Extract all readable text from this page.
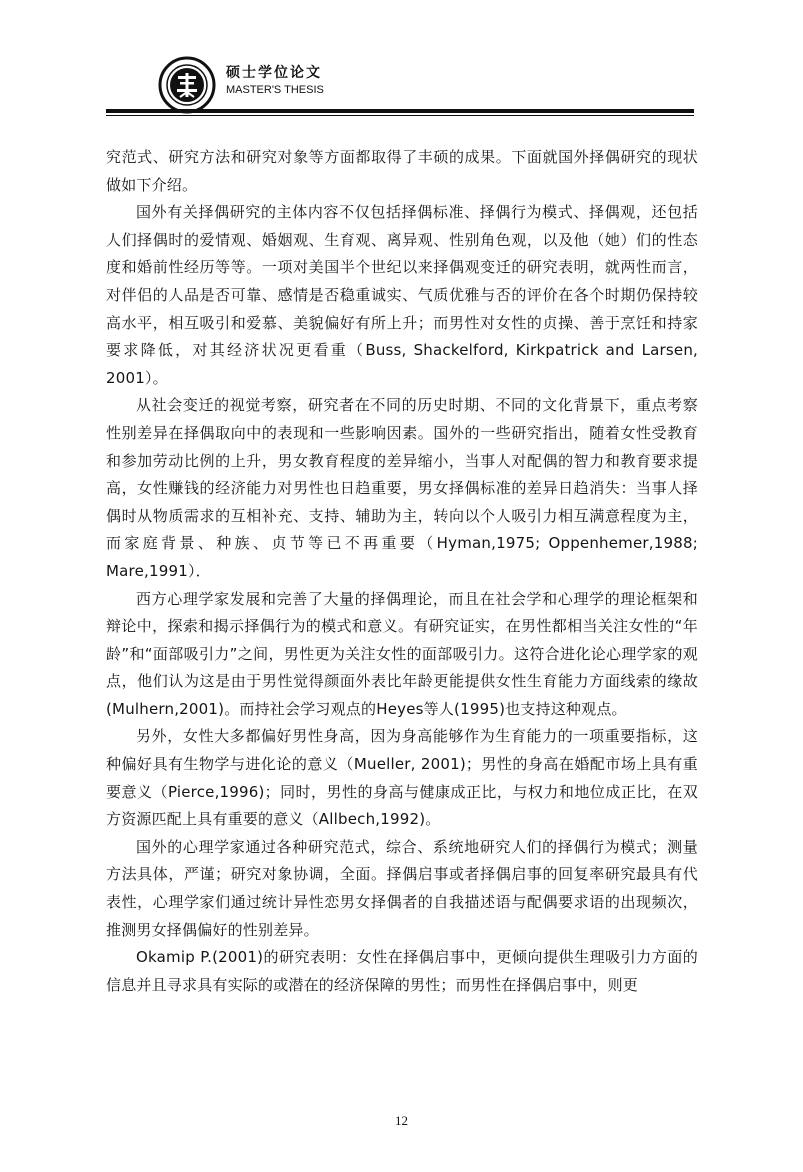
硕士学位论文
MASTER'S THESIS

究范式、研究方法和研究对象等方面都取得了丰硕的成果。下面就国外择偶研究的现状做如下介绍。

国外有关择偶研究的主体内容不仅包括择偶标准、择偶行为模式、择偶观，还包括人们择偶时的爱情观、婚姻观、生育观、离异观、性别角色观，以及他（她）们的性态度和婚前性经历等等。一项对美国半个世纪以来择偶观变迁的研究表明，就两性而言，对伴侣的人品是否可靠、感情是否稳重诚实、气质优雅与否的评价在各个时期仍保持较高水平，相互吸引和爱慕、美貌偏好有所上升；而男性对女性的贞操、善于烹饪和持家要求降低，对其经济状况更看重（Buss, Shackelford, Kirkpatrick and Larsen, 2001）。

从社会变迁的视觉考察，研究者在不同的历史时期、不同的文化背景下，重点考察性别差异在择偶取向中的表现和一些影响因素。国外的一些研究指出，随着女性受教育和参加劳动比例的上升，男女教育程度的差异缩小，当事人对配偶的智力和教育要求提高，女性赚钱的经济能力对男性也日趋重要，男女择偶标准的差异日趋消失：当事人择偶时从物质需求的互相补充、支持、辅助为主，转向以个人吸引力相互满意程度为主，而家庭背景、种族、贞节等已不再重要（Hyman,1975; Oppenhemer,1988; Mare,1991）．

西方心理学家发展和完善了大量的择偶理论，而且在社会学和心理学的理论框架和辩论中，探索和揭示择偶行为的模式和意义。有研究证实，在男性都相当关注女性的“年龄”和“面部吸引力”之间，男性更为关注女性的面部吸引力。这符合进化论心理学家的观点，他们认为这是由于男性觉得颜面外表比年龄更能提供女性生育能力方面线索的缘故(Mulhern,2001)。而持社会学习观点的Heyes等人(1995)也支持这种观点。

另外，女性大多都偏好男性身高，因为身高能够作为生育能力的一项重要指标，这种偏好具有生物学与进化论的意义（Mueller, 2001)；男性的身高在婚配市场上具有重要意义（Pierce,1996)；同时，男性的身高与健康成正比，与权力和地位成正比，在双方资源匹配上具有重要的意义（Allbech,1992)。

国外的心理学家通过各种研究范式，综合、系统地研究人们的择偶行为模式；测量方法具体，严谨；研究对象协调，全面。择偶启事或者择偶启事的回复率研究最具有代表性，心理学家们通过统计异性恋男女择偶者的自我描述语与配偶要求语的出现频次，推测男女择偶偏好的性别差异。

Okamip P.(2001)的研究表明：女性在择偶启事中，更倾向提供生理吸引力方面的信息并且寻求具有实际的或潜在的经济保障的男性；而男性在择偶启事中，则更

12
